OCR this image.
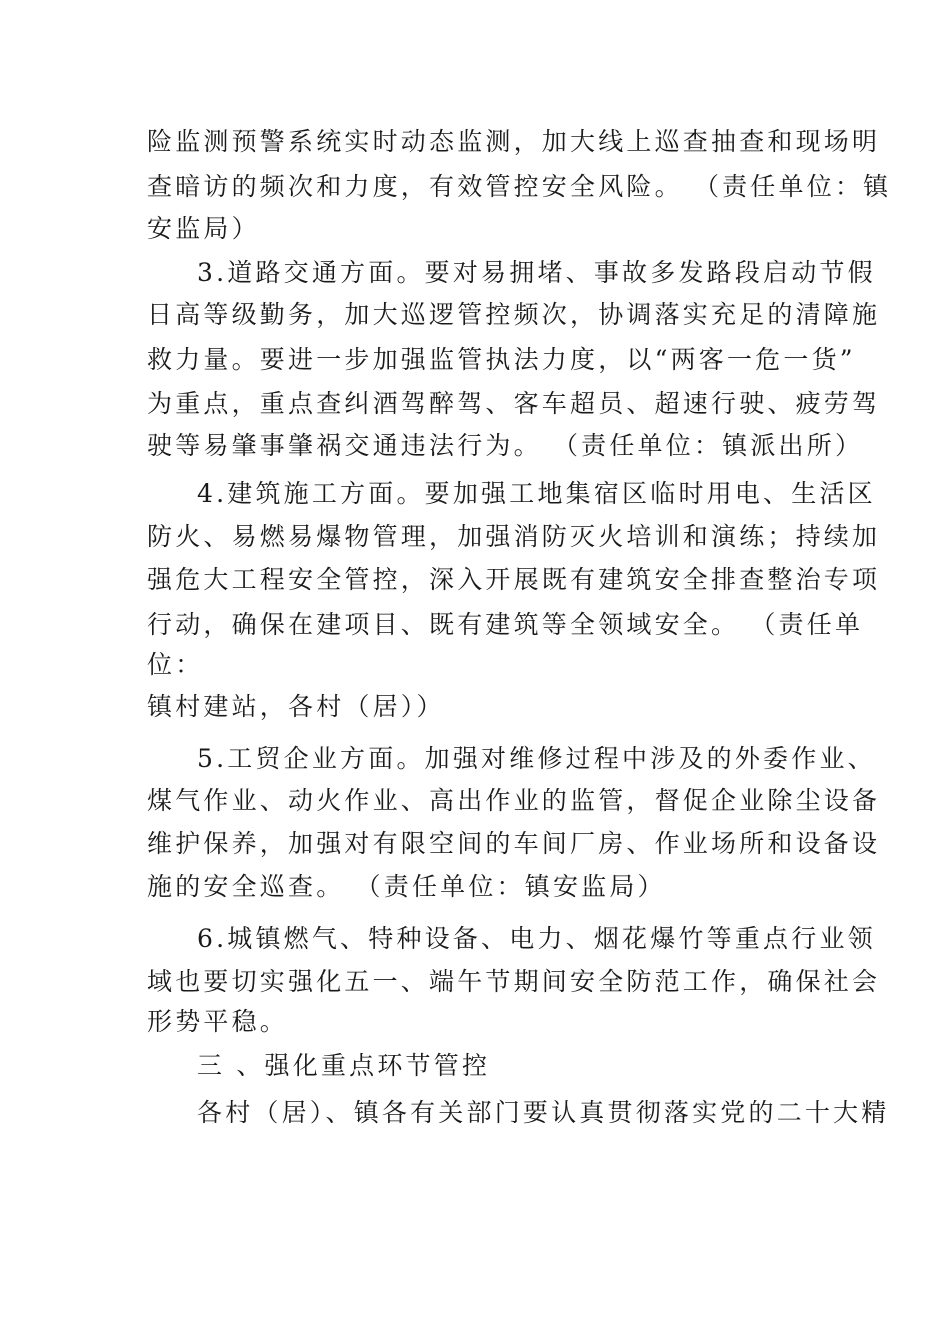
险监测预警系统实时动态监测，加大线上巡查抽查和现场明

查暗访的频次和力度，有效管控安全风险。 （责任单位：镇

安监局）

3.道路交通方面。要对易拥堵、事故多发路段启动节假

日高等级勤务，加大巡逻管控频次，协调落实充足的清障施

救力量。要进一步加强监管执法力度，以“两客一危一货”

为重点，重点查纠酒驾醉驾、客车超员、超速行驶、疲劳驾

驶等易肇事肇祸交通违法行为。 （责任单位：镇派出所）

4.建筑施工方面。要加强工地集宿区临时用电、生活区

防火、易燃易爆物管理，加强消防灭火培训和演练；持续加

强危大工程安全管控，深入开展既有建筑安全排查整治专项

行动，确保在建项目、既有建筑等全领域安全。 （责任单

位：

镇村建站，各村（居））

5.工贸企业方面。加强对维修过程中涉及的外委作业、

煤气作业、动火作业、高出作业的监管，督促企业除尘设备

维护保养，加强对有限空间的车间厂房、作业场所和设备设

施的安全巡查。 （责任单位：镇安监局）

6.城镇燃气、特种设备、电力、烟花爆竹等重点行业领

域也要切实强化五一、端午节期间安全防范工作，确保社会

形势平稳。

三 、强化重点环节管控

各村（居）、镇各有关部门要认真贯彻落实党的二十大精
